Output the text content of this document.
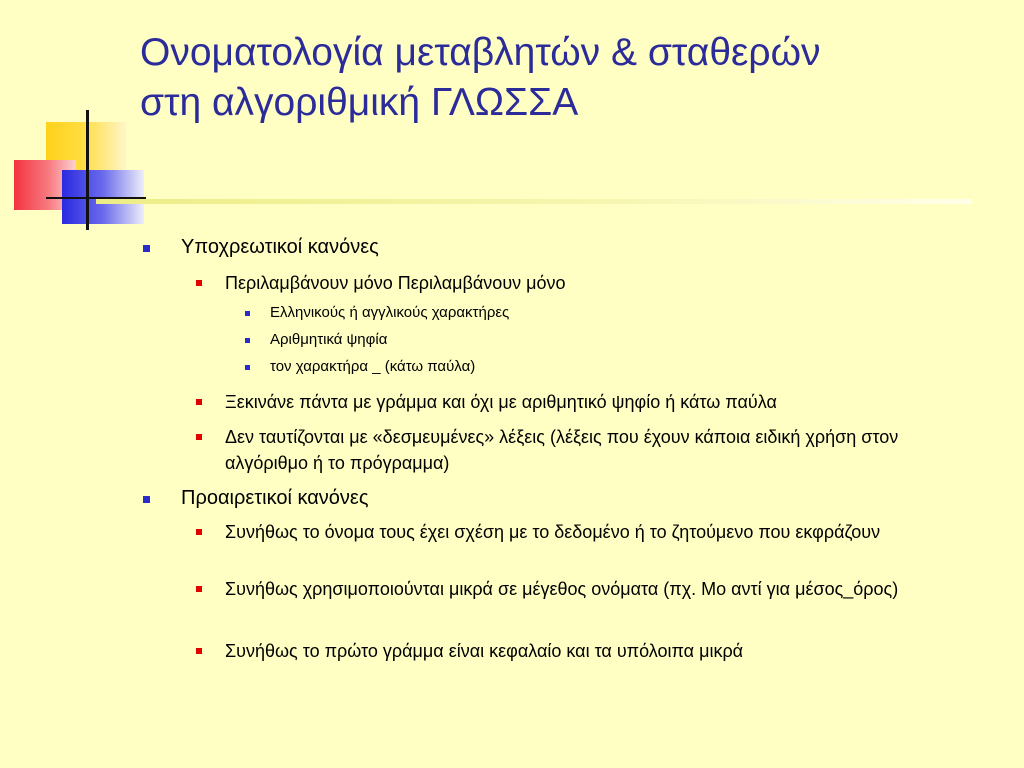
Ονοματολογία μεταβλητών & σταθερών
στη αλγοριθμική ΓΛΩΣΣΑ
Υποχρεωτικοί κανόνες
Περιλαμβάνουν μόνο Περιλαμβάνουν μόνο
Ελληνικούς ή αγγλικούς χαρακτήρες
Αριθμητικά ψηφία
τον χαρακτήρα _ (κάτω παύλα)
Ξεκινάνε πάντα με γράμμα και όχι με αριθμητικό ψηφίο ή κάτω παύλα
Δεν ταυτίζονται με «δεσμευμένες» λέξεις (λέξεις που έχουν κάποια ειδική χρήση στον αλγόριθμο ή το πρόγραμμα)
Προαιρετικοί κανόνες
Συνήθως το όνομα τους έχει σχέση με το δεδομένο ή το ζητούμενο που εκφράζουν
Συνήθως χρησιμοποιούνται μικρά σε μέγεθος ονόματα (πχ. Μο αντί για μέσος_όρος)
Συνήθως το πρώτο γράμμα είναι κεφαλαίο και τα υπόλοιπα μικρά
